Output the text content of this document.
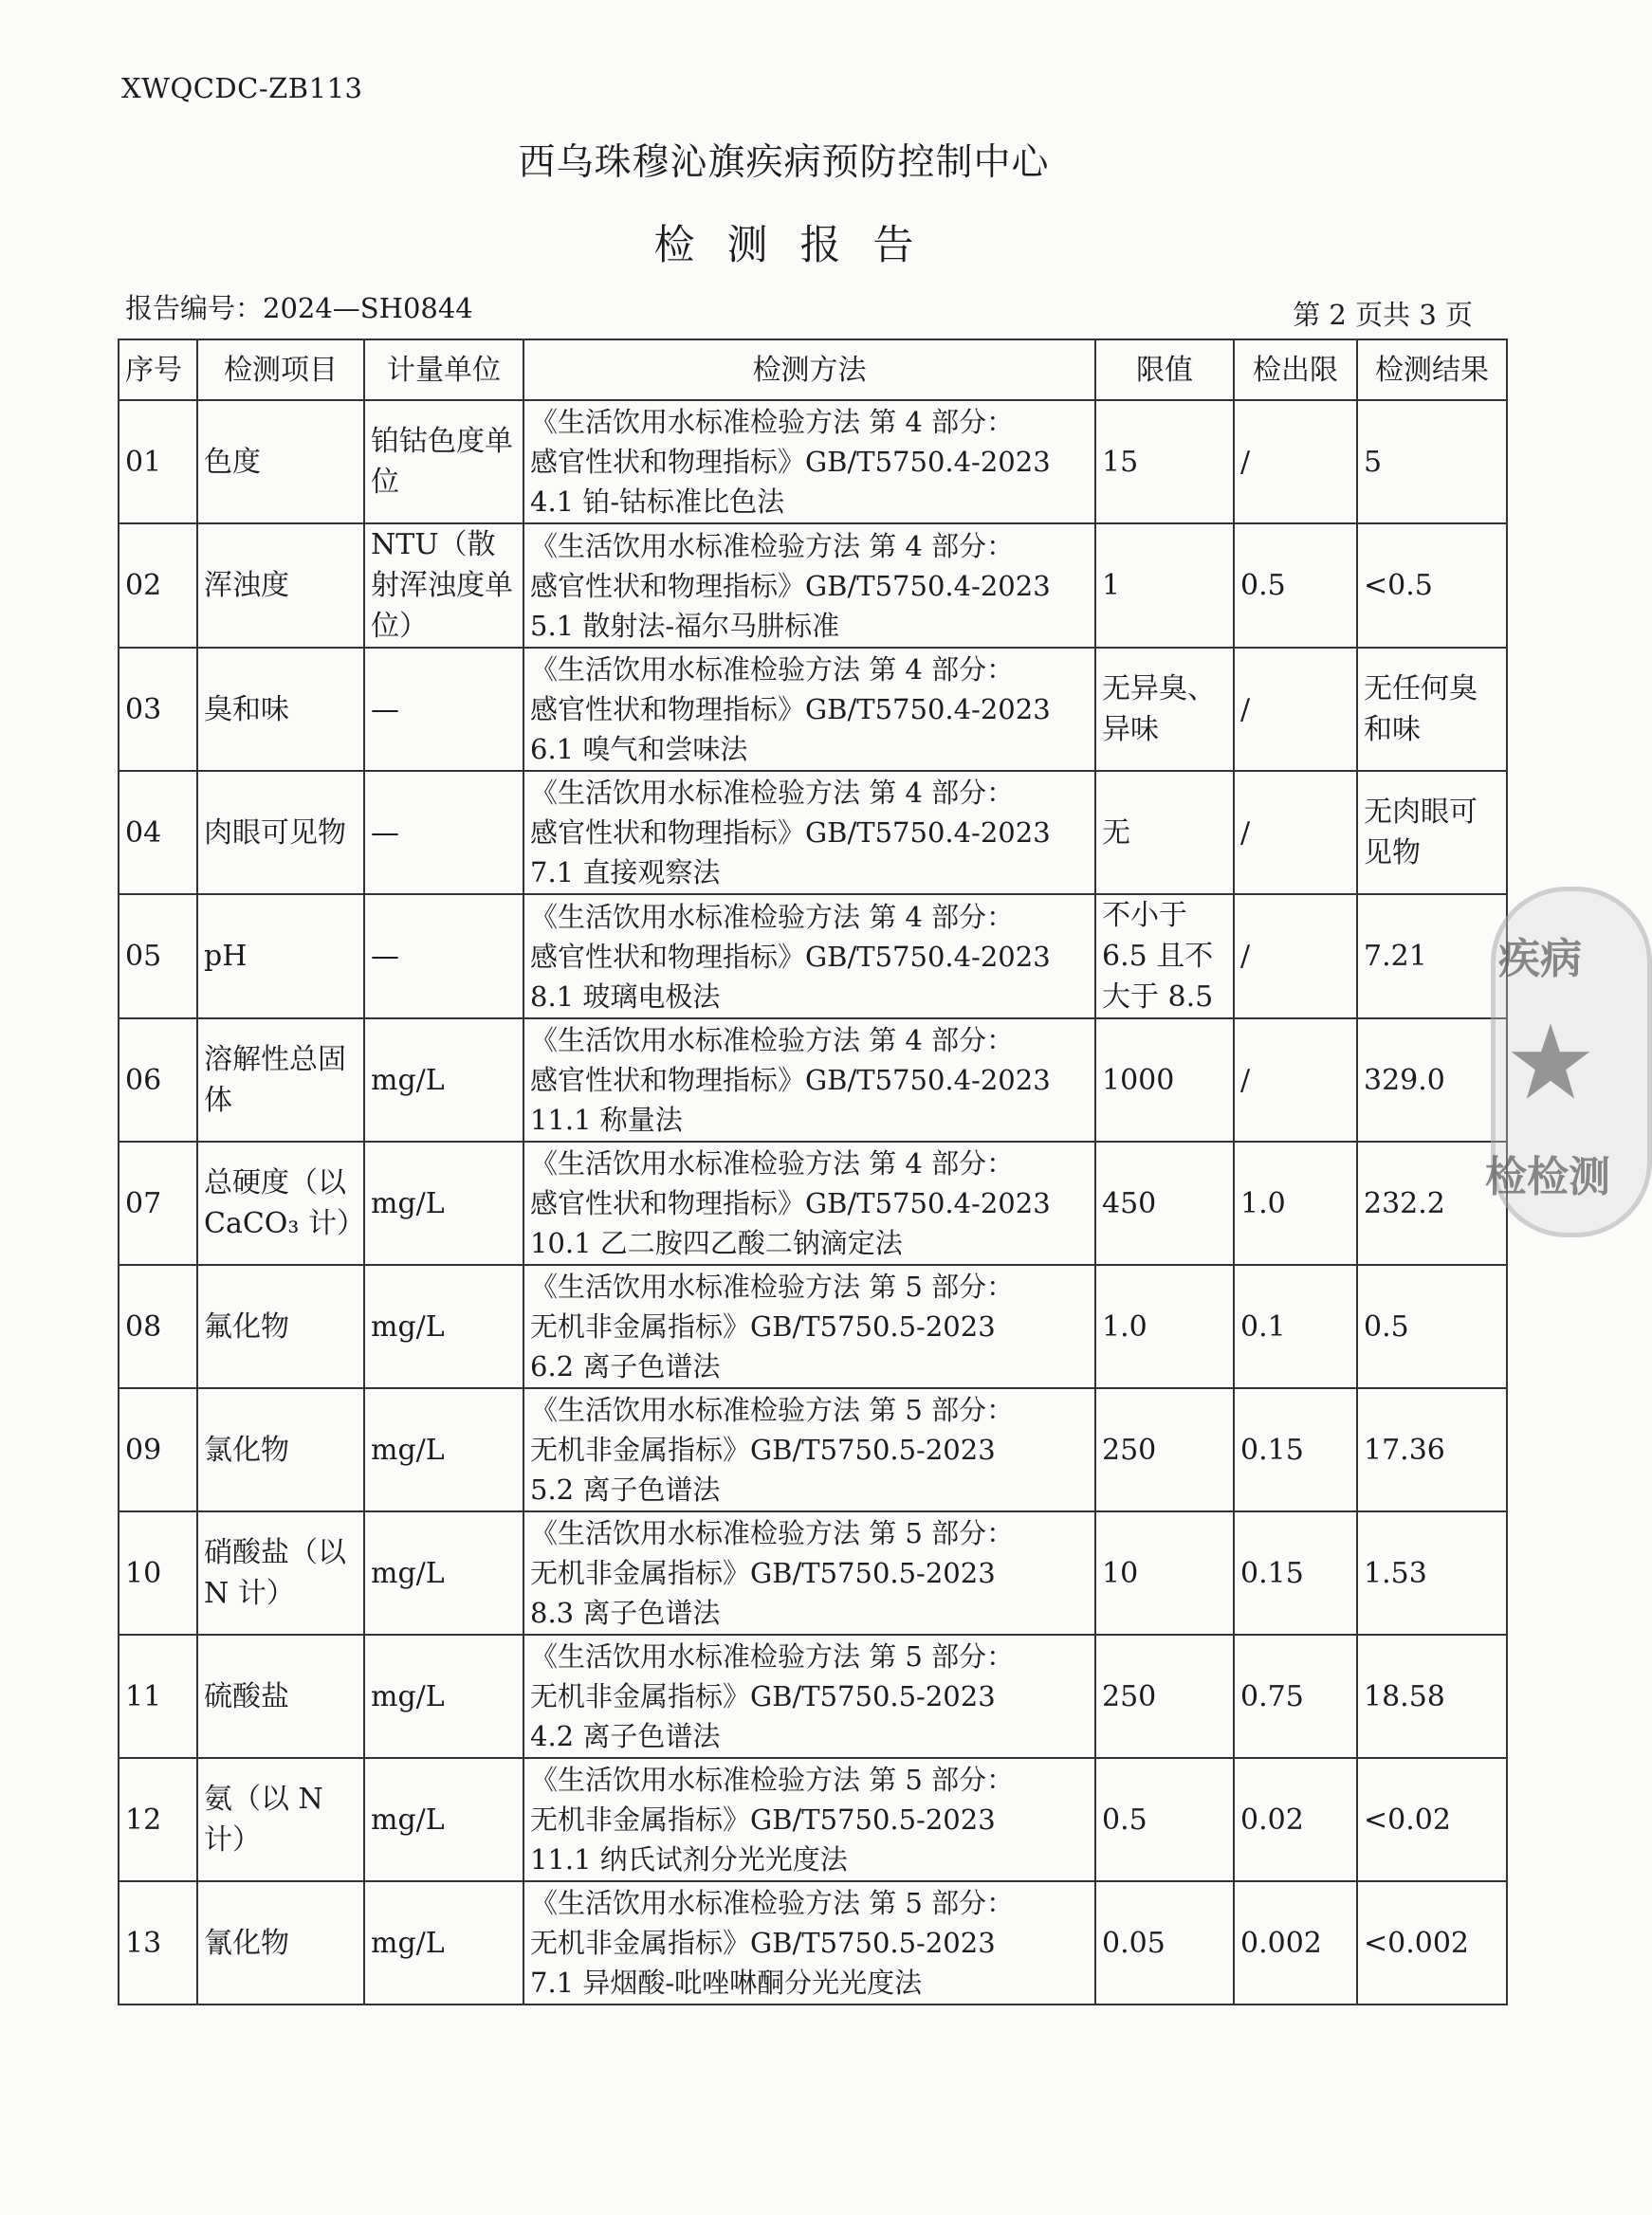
XWQCDC-ZB113
西乌珠穆沁旗疾病预防控制中心
检测报告
报告编号：2024—SH0844	第 2 页共 3 页
序号	检测项目	计量单位	检测方法	限值	检出限	检测结果
01	色度	铂钴色度单位	《生活饮用水标准检验方法 第 4 部分：
感官性状和物理指标》GB/T5750.4-2023
4.1 铂-钴标准比色法	15	/	5
02	浑浊度	NTU（散射浑浊度单位）	《生活饮用水标准检验方法 第 4 部分：
感官性状和物理指标》GB/T5750.4-2023
5.1 散射法-福尔马肼标准	1	0.5	<0.5
03	臭和味	—	《生活饮用水标准检验方法 第 4 部分：
感官性状和物理指标》GB/T5750.4-2023
6.1 嗅气和尝味法	无异臭、异味	/	无任何臭和味
04	肉眼可见物	—	《生活饮用水标准检验方法 第 4 部分：
感官性状和物理指标》GB/T5750.4-2023
7.1 直接观察法	无	/	无肉眼可见物
05	pH	—	《生活饮用水标准检验方法 第 4 部分：
感官性状和物理指标》GB/T5750.4-2023
8.1 玻璃电极法	不小于 6.5 且不大于 8.5	/	7.21
06	溶解性总固体	mg/L	《生活饮用水标准检验方法 第 4 部分：
感官性状和物理指标》GB/T5750.4-2023
11.1 称量法	1000	/	329.0
07	总硬度（以 CaCO₃ 计）	mg/L	《生活饮用水标准检验方法 第 4 部分：
感官性状和物理指标》GB/T5750.4-2023
10.1 乙二胺四乙酸二钠滴定法	450	1.0	232.2
08	氟化物	mg/L	《生活饮用水标准检验方法 第 5 部分：
无机非金属指标》GB/T5750.5-2023
6.2 离子色谱法	1.0	0.1	0.5
09	氯化物	mg/L	《生活饮用水标准检验方法 第 5 部分：
无机非金属指标》GB/T5750.5-2023
5.2 离子色谱法	250	0.15	17.36
10	硝酸盐（以 N 计）	mg/L	《生活饮用水标准检验方法 第 5 部分：
无机非金属指标》GB/T5750.5-2023
8.3 离子色谱法	10	0.15	1.53
11	硫酸盐	mg/L	《生活饮用水标准检验方法 第 5 部分：
无机非金属指标》GB/T5750.5-2023
4.2 离子色谱法	250	0.75	18.58
12	氨（以 N 计）	mg/L	《生活饮用水标准检验方法 第 5 部分：
无机非金属指标》GB/T5750.5-2023
11.1 纳氏试剂分光光度法	0.5	0.02	<0.02
13	氰化物	mg/L	《生活饮用水标准检验方法 第 5 部分：
无机非金属指标》GB/T5750.5-2023
7.1 异烟酸-吡唑啉酮分光光度法	0.05	0.002	<0.002
疾病
检检测
